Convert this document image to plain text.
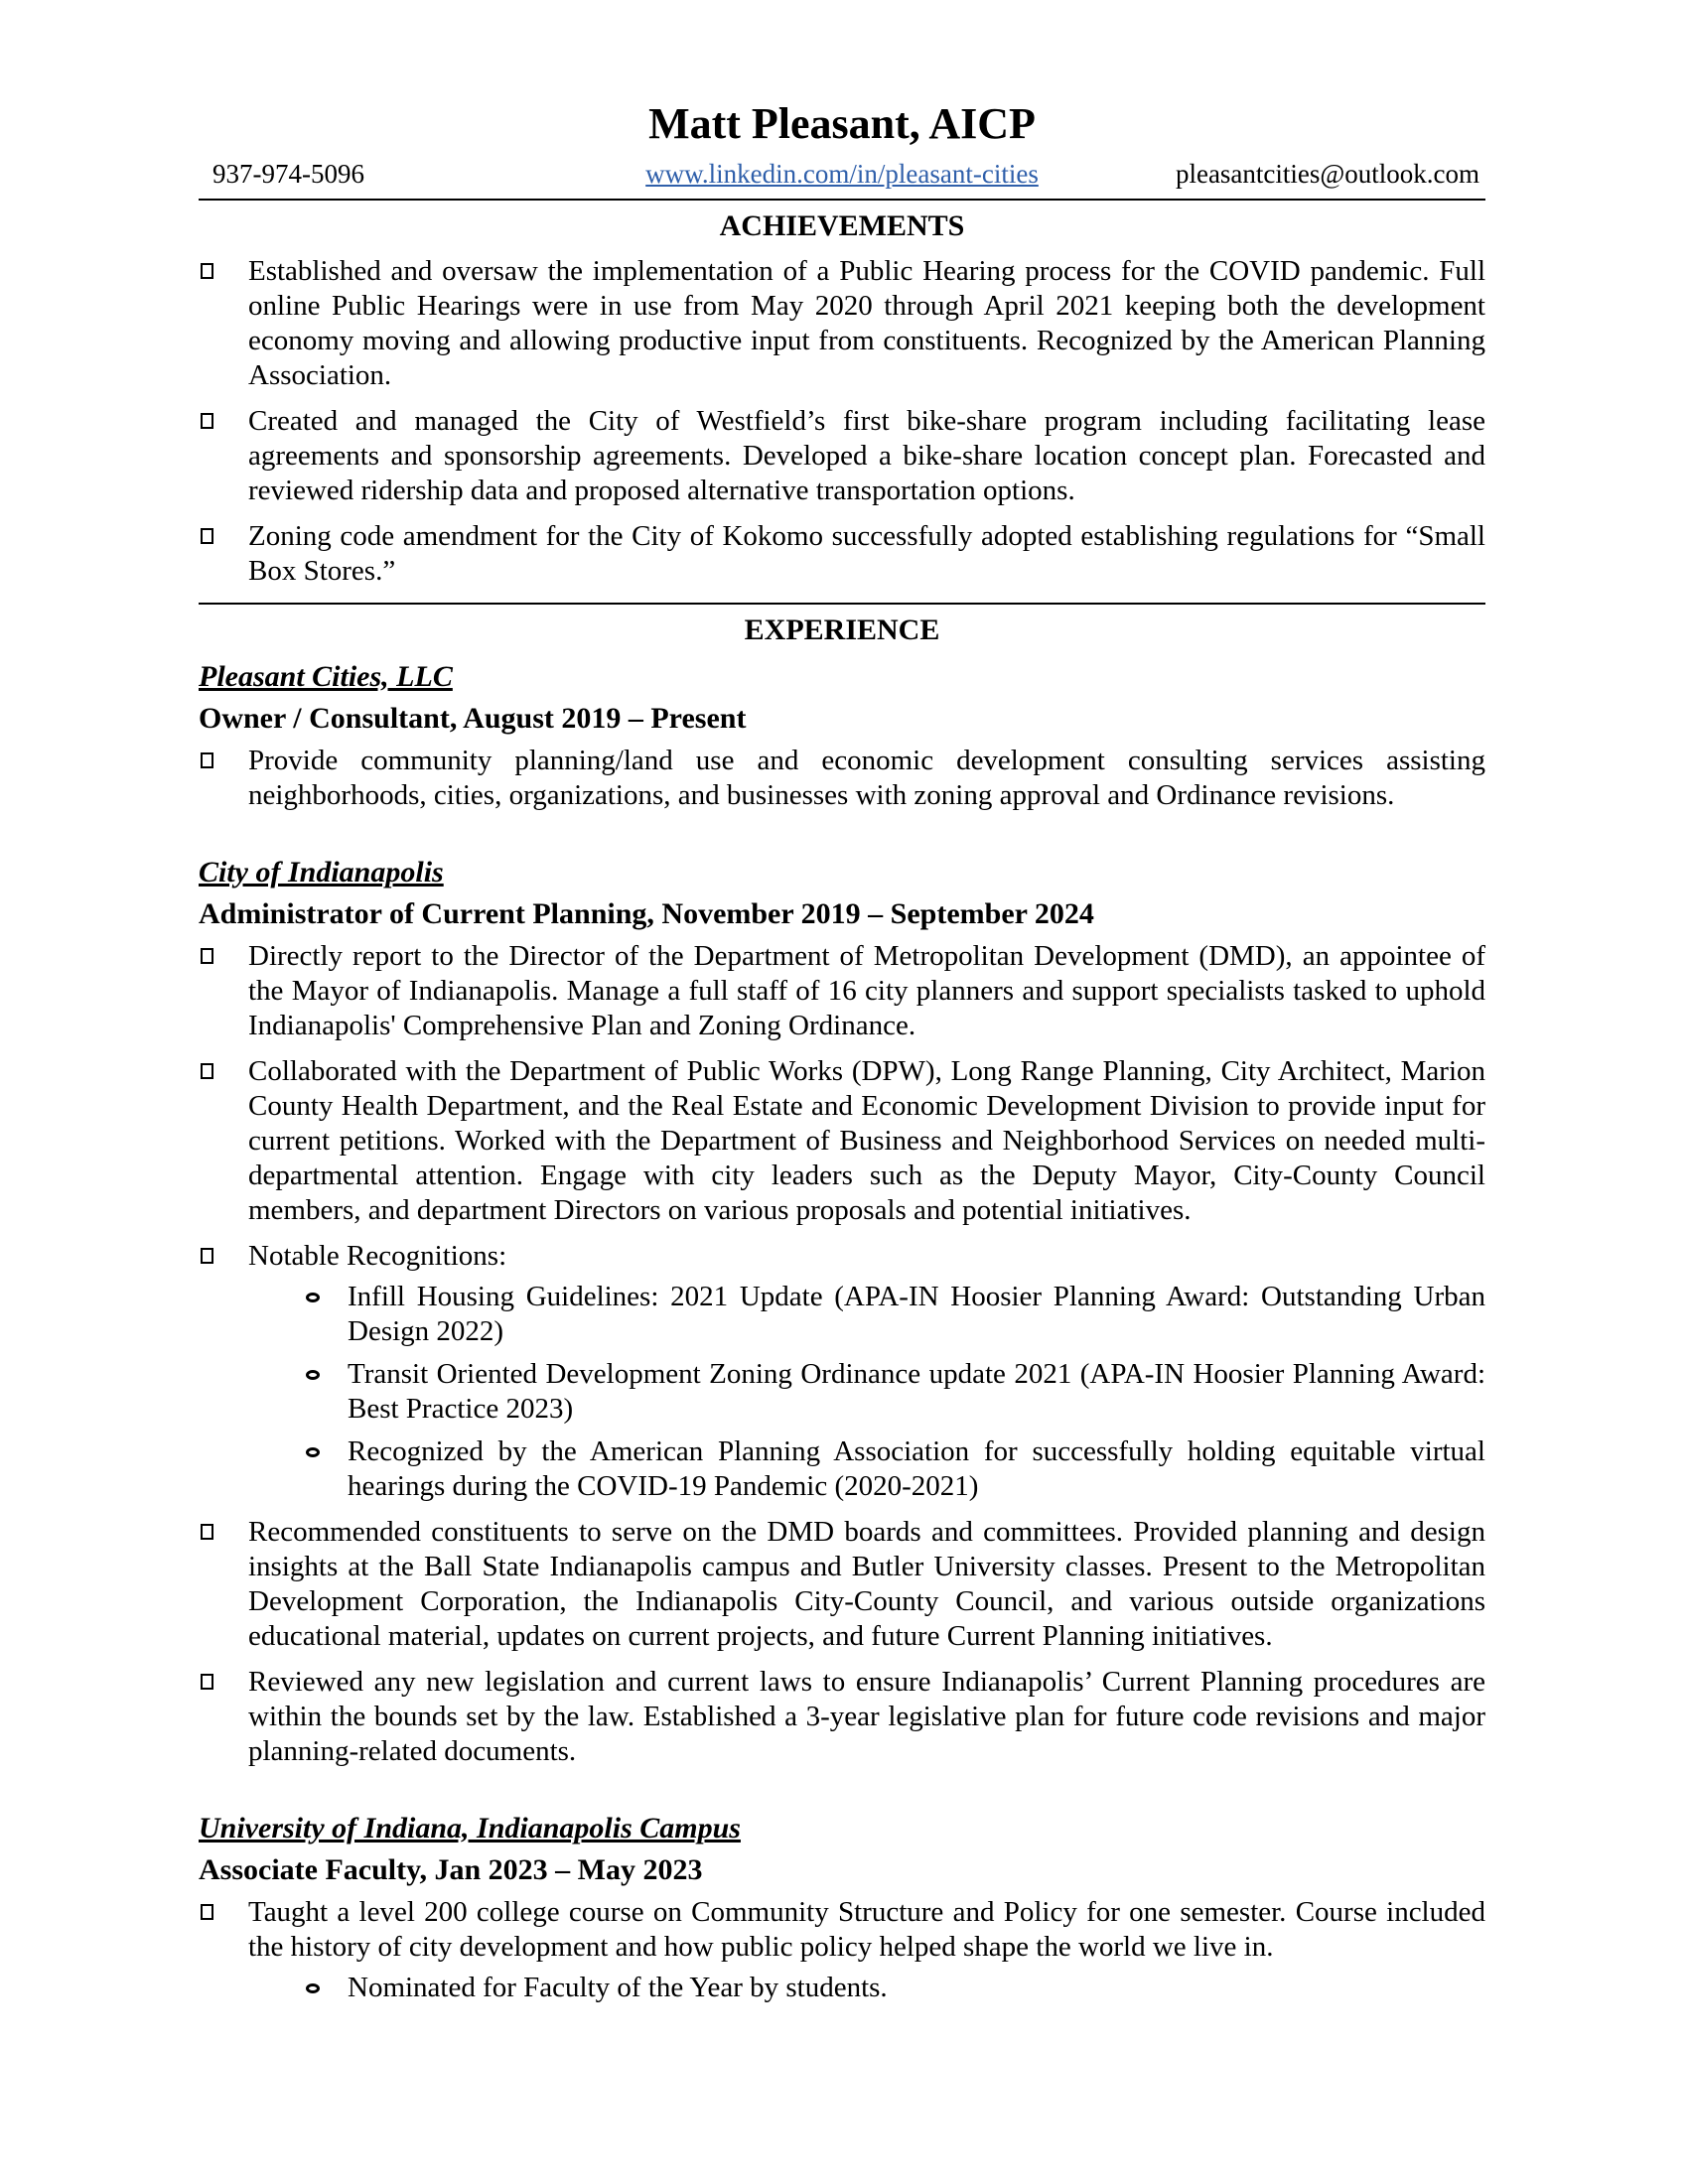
Matt Pleasant, AICP
937-974-5096	www.linkedin.com/in/pleasant-cities	pleasantcities@outlook.com
ACHIEVEMENTS
Established and oversaw the implementation of a Public Hearing process for the COVID pandemic. Full online Public Hearings were in use from May 2020 through April 2021 keeping both the development economy moving and allowing productive input from constituents. Recognized by the American Planning Association.
Created and managed the City of Westfield’s first bike-share program including facilitating lease agreements and sponsorship agreements. Developed a bike-share location concept plan. Forecasted and reviewed ridership data and proposed alternative transportation options.
Zoning code amendment for the City of Kokomo successfully adopted establishing regulations for “Small Box Stores.”
EXPERIENCE
Pleasant Cities, LLC
Owner / Consultant, August 2019 – Present
Provide community planning/land use and economic development consulting services assisting neighborhoods, cities, organizations, and businesses with zoning approval and Ordinance revisions.
City of Indianapolis
Administrator of Current Planning, November 2019 – September 2024
Directly report to the Director of the Department of Metropolitan Development (DMD), an appointee of the Mayor of Indianapolis. Manage a full staff of 16 city planners and support specialists tasked to uphold Indianapolis' Comprehensive Plan and Zoning Ordinance.
Collaborated with the Department of Public Works (DPW), Long Range Planning, City Architect, Marion County Health Department, and the Real Estate and Economic Development Division to provide input for current petitions. Worked with the Department of Business and Neighborhood Services on needed multi-departmental attention. Engage with city leaders such as the Deputy Mayor, City-County Council members, and department Directors on various proposals and potential initiatives.
Notable Recognitions:
Infill Housing Guidelines: 2021 Update (APA-IN Hoosier Planning Award: Outstanding Urban Design 2022)
Transit Oriented Development Zoning Ordinance update 2021 (APA-IN Hoosier Planning Award: Best Practice 2023)
Recognized by the American Planning Association for successfully holding equitable virtual hearings during the COVID-19 Pandemic (2020-2021)
Recommended constituents to serve on the DMD boards and committees. Provided planning and design insights at the Ball State Indianapolis campus and Butler University classes. Present to the Metropolitan Development Corporation, the Indianapolis City-County Council, and various outside organizations educational material, updates on current projects, and future Current Planning initiatives.
Reviewed any new legislation and current laws to ensure Indianapolis’ Current Planning procedures are within the bounds set by the law. Established a 3-year legislative plan for future code revisions and major planning-related documents.
University of Indiana, Indianapolis Campus
Associate Faculty, Jan 2023 – May 2023
Taught a level 200 college course on Community Structure and Policy for one semester. Course included the history of city development and how public policy helped shape the world we live in.
Nominated for Faculty of the Year by students.
